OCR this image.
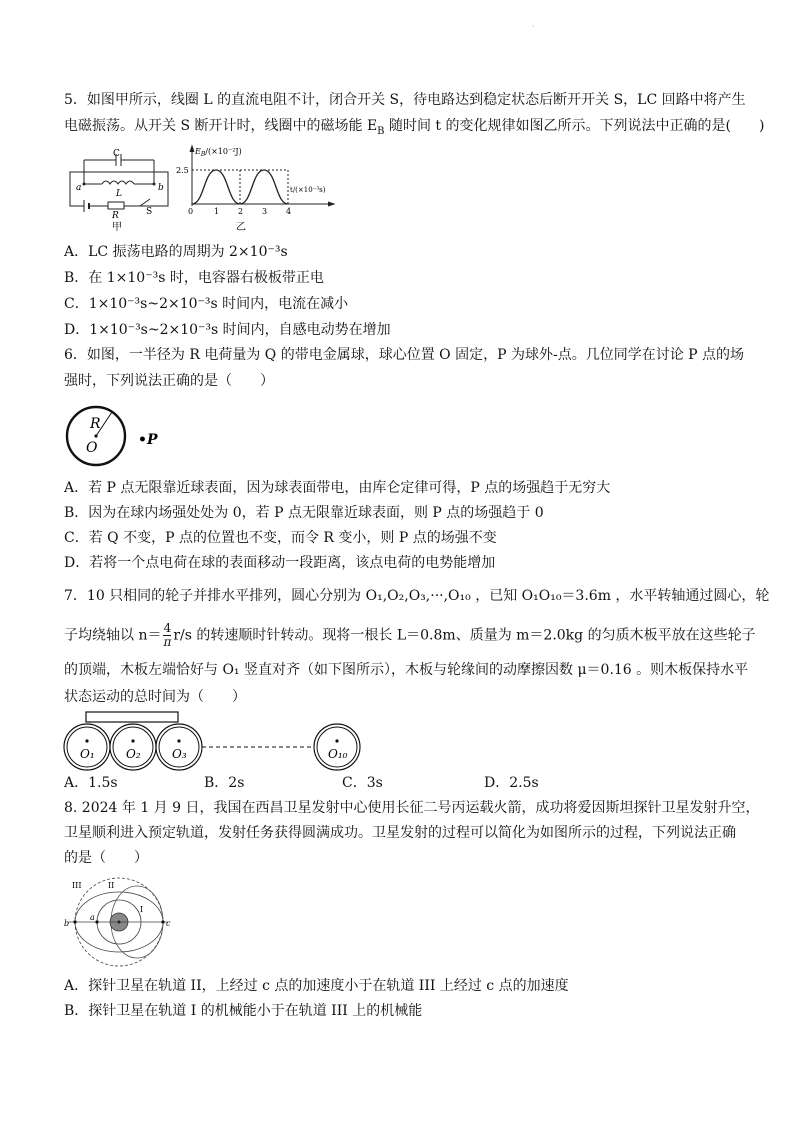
·
5．如图甲所示，线圈 L 的直流电阻不计，闭合开关 S，待电路达到稳定状态后断开开关 S，LC 回路中将产生
电磁振荡。从开关 S 断开计时，线圈中的磁场能 $E_B$ 随时间 t 的变化规律如图乙所示。下列说法中正确的是(　　)
C
a	b
L
R	S
甲
$E_B/(\times 10^{-2}J)$
2.5
t/(×10⁻³s)
0	1 2 3 4
乙
A．LC 振荡电路的周期为 2×10⁻³s
B．在 1×10⁻³s 时，电容器右极板带正电
C．1×10⁻³s~2×10⁻³s 时间内，电流在减小
D．1×10⁻³s~2×10⁻³s 时间内，自感电动势在增加
6．如图，一半径为 R 电荷量为 Q 的带电金属球，球心位置 O 固定，P 为球外-点。几位同学在讨论 P 点的场
强时，下列说法正确的是（　　）
R
O	•P
A．若 P 点无限靠近球表面，因为球表面带电，由库仑定律可得，P 点的场强趋于无穷大
B．因为在球内场强处处为 0，若 P 点无限靠近球表面，则 P 点的场强趋于 0
C．若 Q 不变，P 点的位置也不变，而令 R 变小，则 P 点的场强不变
D．若将一个点电荷在球的表面移动一段距离，该点电荷的电势能增加
7．10 只相同的轮子并排水平排列，圆心分别为 O₁,O₂,O₃,···,O₁₀ ，已知 O₁O₁₀＝3.6m ，水平转轴通过圆心，轮
子均绕轴以 $n= \frac{4}{\pi} r/s$ 的转速顺时针转动。现将一根长 L＝0.8m、质量为 m＝2.0kg 的匀质木板平放在这些轮子
的顶端，木板左端恰好与 O₁ 竖直对齐（如下图所示），木板与轮缘间的动摩擦因数 μ＝0.16 。则木板保持水平
状态运动的总时间为（　　）
O₁	O₂	O₃	O₁₀
A．1.5s	B．2s	C．3s	D．2.5s
8. 2024 年 1 月 9 日，我国在西昌卫星发射中心使用长征二号丙运载火箭，成功将爱因斯坦探针卫星发射升空，
卫星顺利进入预定轨道，发射任务获得圆满成功。卫星发射的过程可以简化为如图所示的过程，下列说法正确
的是（　　）
III	II
I
b
a
c
A．探针卫星在轨道 II，上经过 c 点的加速度小于在轨道 III 上经过 c 点的加速度
B．探针卫星在轨道 I 的机械能小于在轨道 III 上的机械能
